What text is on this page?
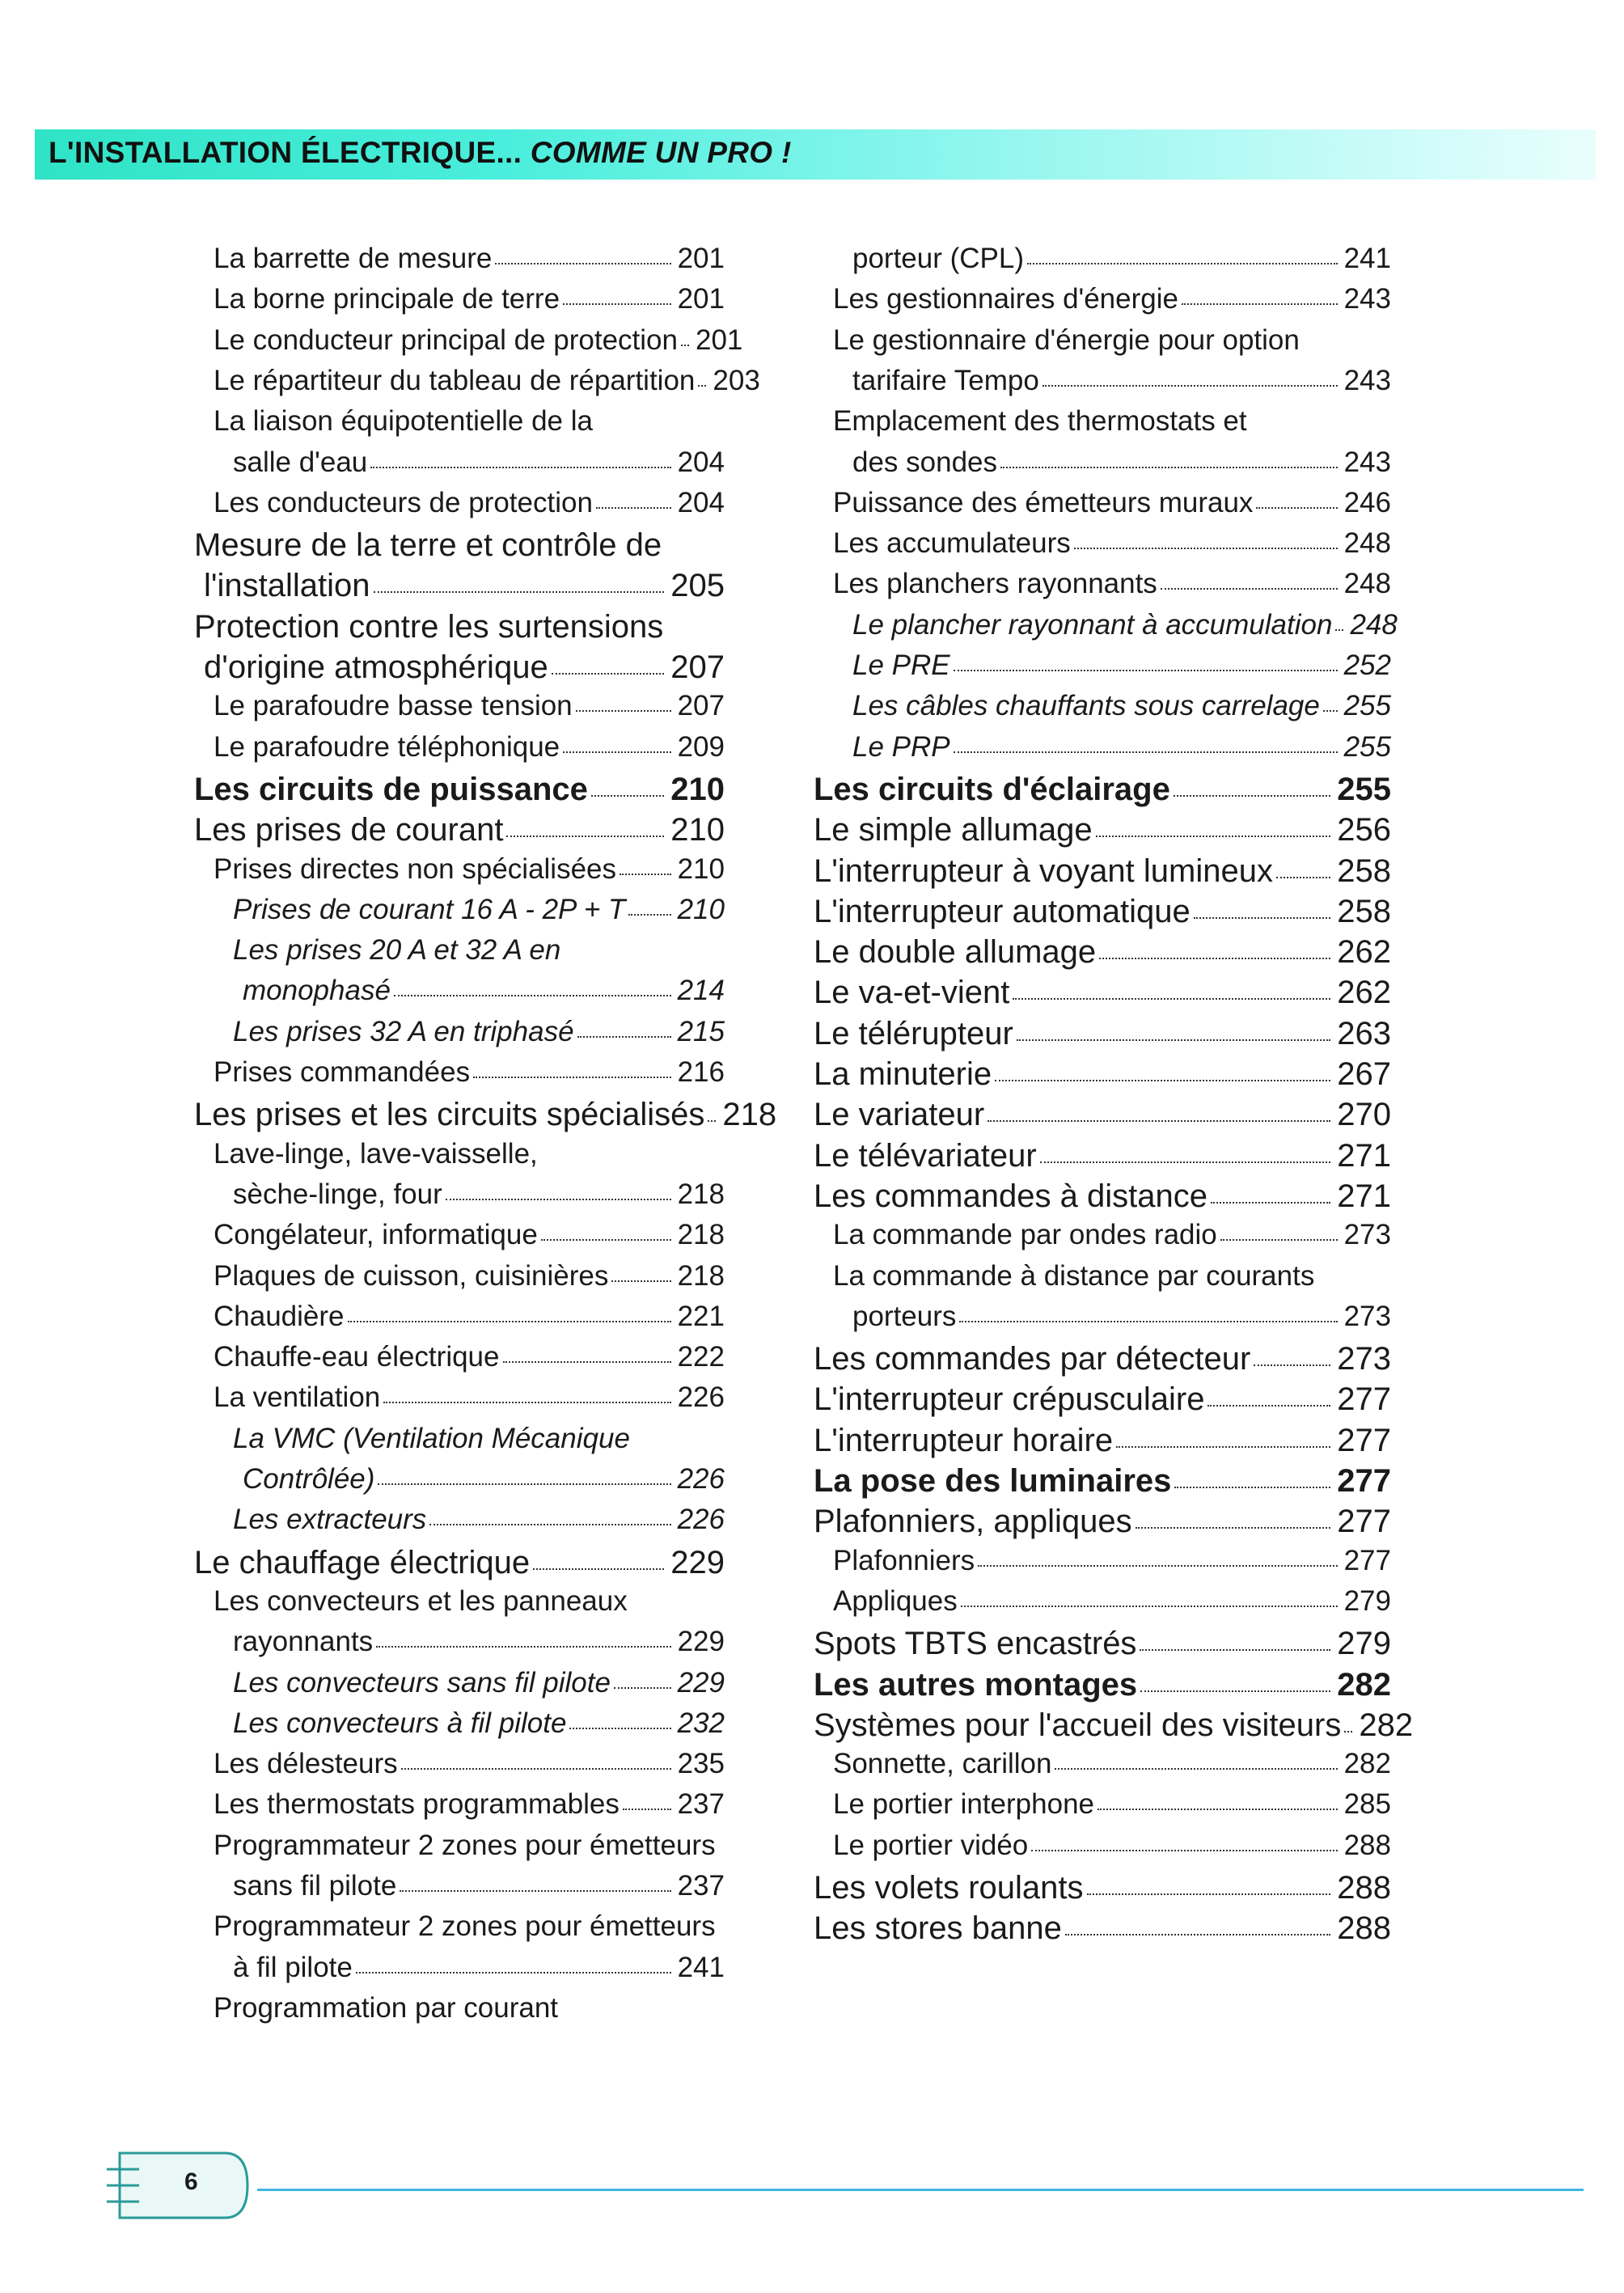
L'INSTALLATION ÉLECTRIQUE... COMME UN PRO !
La barrette de mesure	201
La borne principale de terre	201
Le conducteur principal de protection 201
Le répartiteur du tableau de répartition 203
La liaison équipotentielle de la
salle d'eau	204
Les conducteurs de protection	204
Mesure de la terre et contrôle de
l'installation	205
Protection contre les surtensions
d'origine atmosphérique	207
Le parafoudre basse tension	207
Le parafoudre téléphonique	209
Les circuits de puissance	210
Les prises de courant	210
Prises directes non spécialisées 210
Prises de courant 16 A - 2P + T 210
Les prises 20 A et 32 A en
monophasé	214
Les prises 32 A en triphasé	215
Prises commandées	216
Les prises et les circuits spécialisés 218
Lave-linge, lave-vaisselle,
sèche-linge, four	218
Congélateur, informatique	218
Plaques de cuisson, cuisinières 218
Chaudière	221
Chauffe-eau électrique	222
La ventilation	226
La VMC (Ventilation Mécanique
Contrôlée)	226
Les extracteurs	226
Le chauffage électrique	229
Les convecteurs et les panneaux
rayonnants	229
Les convecteurs sans fil pilote 229
Les convecteurs à fil pilote	232
Les délesteurs	235
Les thermostats programmables 237
Programmateur 2 zones pour émetteurs
sans fil pilote	237
Programmateur 2 zones pour émetteurs
à fil pilote	241
Programmation par courant
porteur (CPL)	241
Les gestionnaires d'énergie	243
Le gestionnaire d'énergie pour option
tarifaire Tempo	243
Emplacement des thermostats et
des sondes	243
Puissance des émetteurs muraux	246
Les accumulateurs	248
Les planchers rayonnants	248
Le plancher rayonnant à accumulation 248
Le PRE	252
Les câbles chauffants sous carrelage 255
Le PRP	255
Les circuits d'éclairage	255
Le simple allumage	256
L'interrupteur à voyant lumineux 258
L'interrupteur automatique	258
Le double allumage	262
Le va-et-vient	262
Le télérupteur	263
La minuterie	267
Le variateur	270
Le télévariateur	271
Les commandes à distance	271
La commande par ondes radio	273
La commande à distance par courants
porteurs	273
Les commandes par détecteur	273
L'interrupteur crépusculaire	277
L'interrupteur horaire	277
La pose des luminaires	277
Plafonniers, appliques	277
Plafonniers	277
Appliques	279
Spots TBTS encastrés	279
Les autres montages	282
Systèmes pour l'accueil des visiteurs 282
Sonnette, carillon	282
Le portier interphone	285
Le portier vidéo	288
Les volets roulants	288
Les stores banne	288
6
